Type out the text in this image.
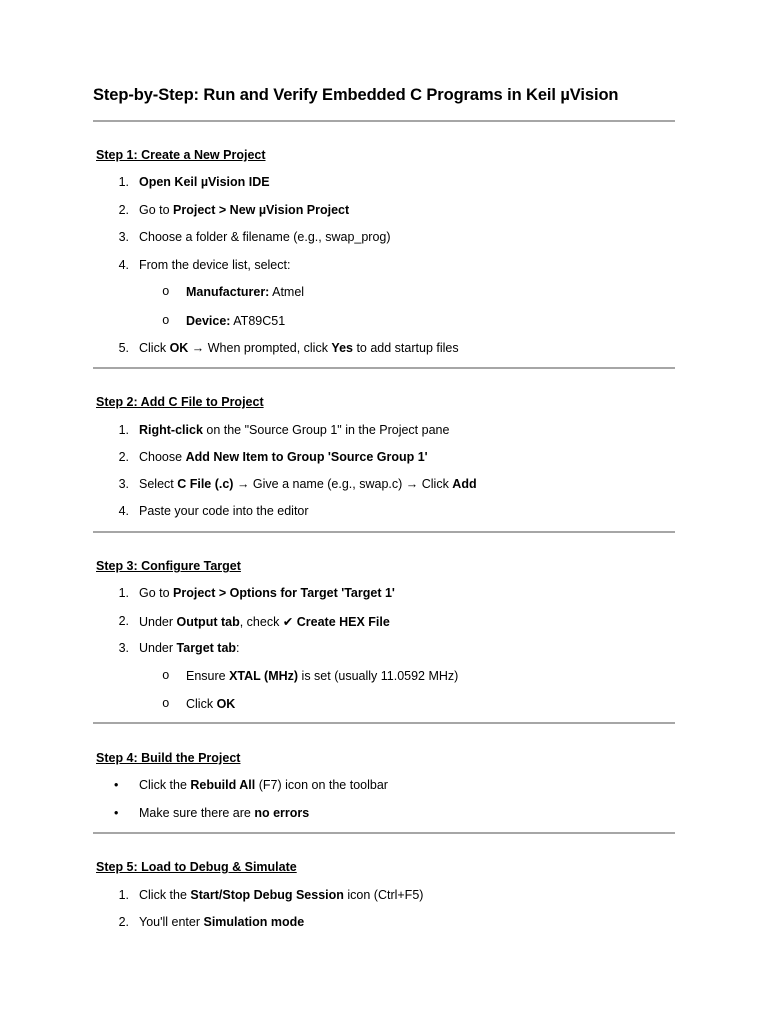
Step-by-Step: Run and Verify Embedded C Programs in Keil µVision
Step 1: Create a New Project
1. Open Keil µVision IDE
2. Go to Project > New µVision Project
3. Choose a folder & filename (e.g., swap_prog)
4. From the device list, select:
o Manufacturer: Atmel
o Device: AT89C51
5. Click OK → When prompted, click Yes to add startup files
Step 2: Add C File to Project
1. Right-click on the "Source Group 1" in the Project pane
2. Choose Add New Item to Group 'Source Group 1'
3. Select C File (.c) → Give a name (e.g., swap.c) → Click Add
4. Paste your code into the editor
Step 3: Configure Target
1. Go to Project > Options for Target 'Target 1'
2. Under Output tab, check ✔ Create HEX File
3. Under Target tab:
o Ensure XTAL (MHz) is set (usually 11.0592 MHz)
o Click OK
Step 4: Build the Project
• Click the Rebuild All (F7) icon on the toolbar
• Make sure there are no errors
Step 5: Load to Debug & Simulate
1. Click the Start/Stop Debug Session icon (Ctrl+F5)
2. You'll enter Simulation mode
